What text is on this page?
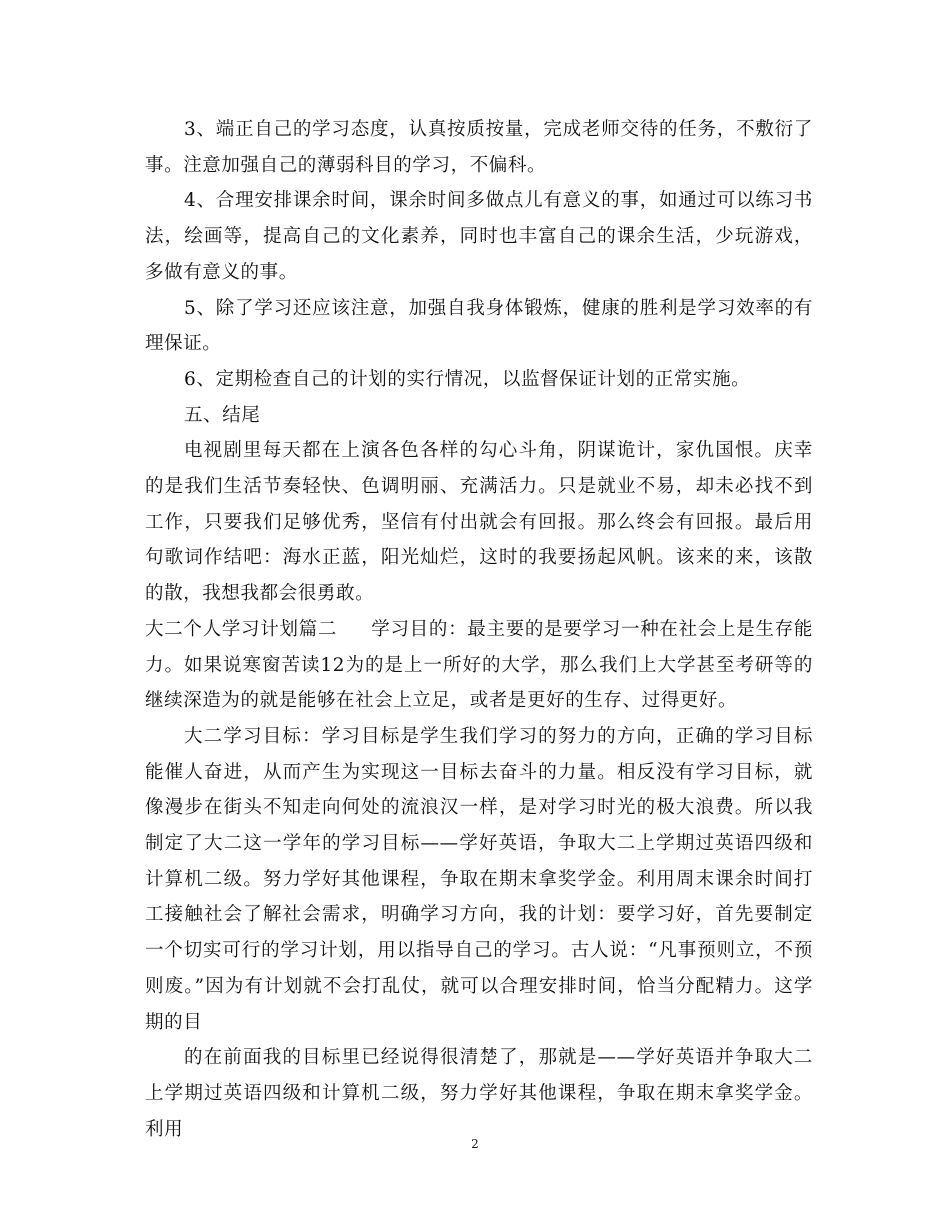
3、端正自己的学习态度，认真按质按量，完成老师交待的任务，不敷衍了事。注意加强自己的薄弱科目的学习，不偏科。

4、合理安排课余时间，课余时间多做点儿有意义的事，如通过可以练习书法，绘画等，提高自己的文化素养，同时也丰富自己的课余生活，少玩游戏，多做有意义的事。

5、除了学习还应该注意，加强自我身体锻炼，健康的胜利是学习效率的有理保证。

6、定期检查自己的计划的实行情况，以监督保证计划的正常实施。

五、结尾

电视剧里每天都在上演各色各样的勾心斗角，阴谋诡计，家仇国恨。庆幸的是我们生活节奏轻快、色调明丽、充满活力。只是就业不易，却未必找不到工作，只要我们足够优秀，坚信有付出就会有回报。那么终会有回报。最后用句歌词作结吧：海水正蓝，阳光灿烂，这时的我要扬起风帆。该来的来，该散的散，我想我都会很勇敢。

大二个人学习计划篇二 学习目的：最主要的是要学习一种在社会上是生存能力。如果说寒窗苦读12为的是上一所好的大学，那么我们上大学甚至考研等的继续深造为的就是能够在社会上立足，或者是更好的生存、过得更好。

大二学习目标：学习目标是学生我们学习的努力的方向，正确的学习目标能催人奋进，从而产生为实现这一目标去奋斗的力量。相反没有学习目标，就像漫步在街头不知走向何处的流浪汉一样，是对学习时光的极大浪费。所以我制定了大二这一学年的学习目标——学好英语，争取大二上学期过英语四级和计算机二级。努力学好其他课程，争取在期末拿奖学金。利用周末课余时间打工接触社会了解社会需求，明确学习方向，我的计划：要学习好，首先要制定一个切实可行的学习计划，用以指导自己的学习。古人说：“凡事预则立，不预则废。”因为有计划就不会打乱仗，就可以合理安排时间，恰当分配精力。这学期的目

的在前面我的目标里已经说得很清楚了，那就是——学好英语并争取大二上学期过英语四级和计算机二级，努力学好其他课程，争取在期末拿奖学金。利用

2
